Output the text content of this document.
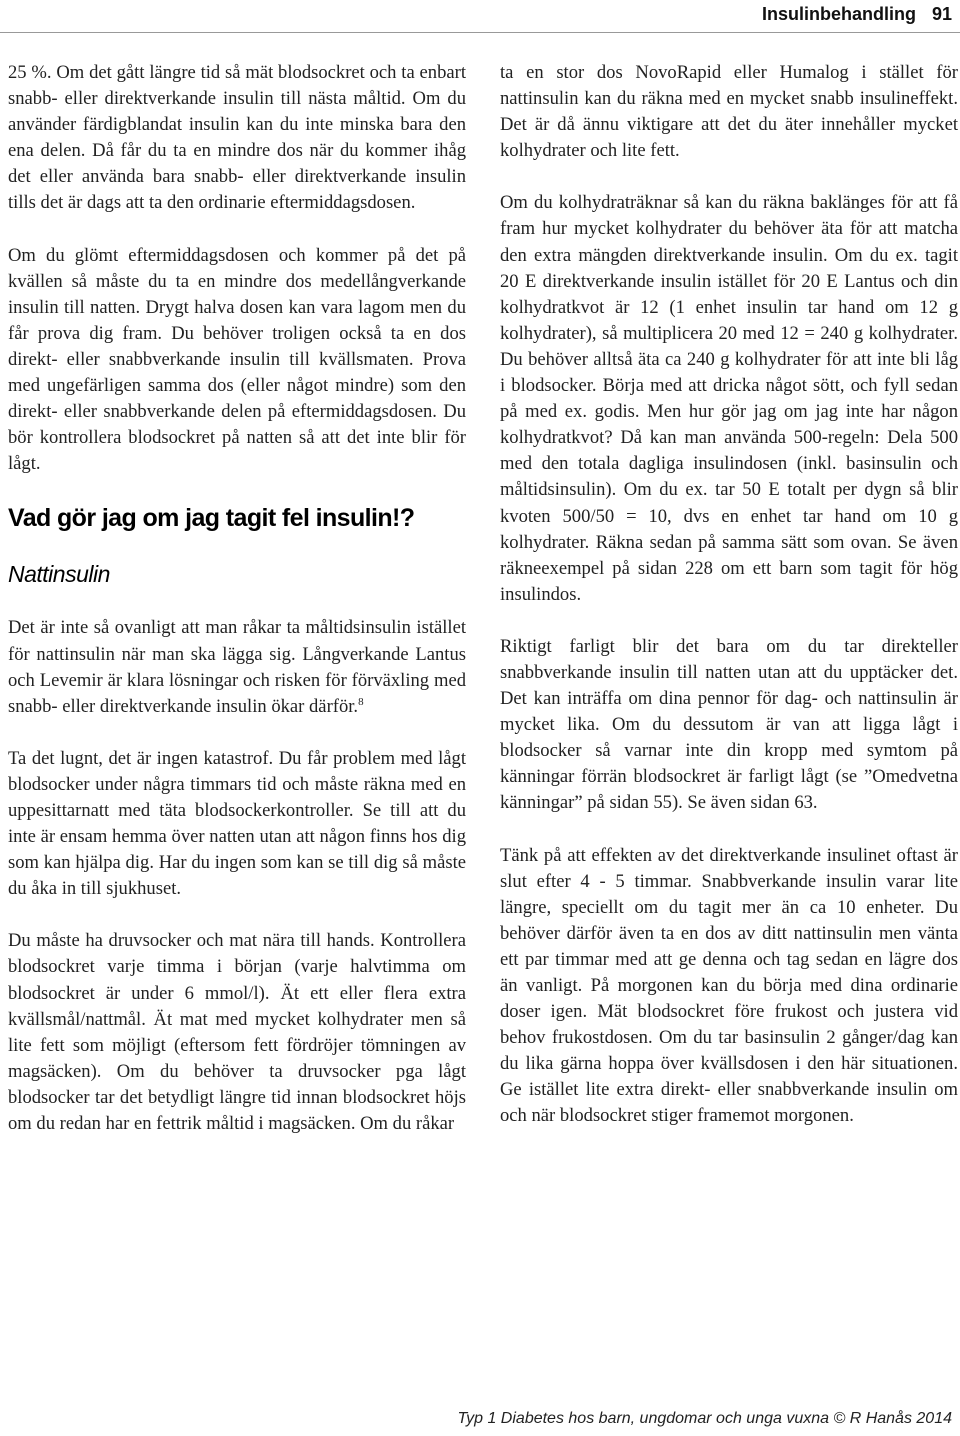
Insulinbehandling 91

25 %. Om det gått längre tid så mät blodsockret och ta enbart snabb- eller direktverkande insulin till nästa måltid. Om du använder färdigblandat insulin kan du inte minska bara den ena delen. Då får du ta en mindre dos när du kommer ihåg det eller använda bara snabb- eller direktverkande insulin tills det är dags att ta den ordinarie eftermiddagsdosen.

Om du glömt eftermiddagsdosen och kommer på det på kvällen så måste du ta en mindre dos medellångverkande insulin till natten. Drygt halva dosen kan vara lagom men du får prova dig fram. Du behöver troligen också ta en dos direkt- eller snabbverkande insulin till kvällsmaten. Prova med ungefärligen samma dos (eller något mindre) som den direkt- eller snabbverkande delen på eftermiddagsdosen. Du bör kontrollera blodsockret på natten så att det inte blir för lågt.

Vad gör jag om jag tagit fel insulin!?
Nattinsulin

Det är inte så ovanligt att man råkar ta måltidsinsulin istället för nattinsulin när man ska lägga sig. Långverkande Lantus och Levemir är klara lösningar och risken för förväxling med snabb- eller direktverkande insulin ökar därför.$^8$

Ta det lugnt, det är ingen katastrof. Du får problem med lågt blodsocker under några timmars tid och måste räkna med en uppesittarnatt med täta blodsockerkontroller. Se till att du inte är ensam hemma över natten utan att någon finns hos dig som kan hjälpa dig. Har du ingen som kan se till dig så måste du åka in till sjukhuset.

Du måste ha druvsocker och mat nära till hands. Kontrollera blodsockret varje timma i början (varje halvtimma om blodsockret är under 6 mmol/l). Ät ett eller flera extra kvällsmål/nattmål. Ät mat med mycket kolhydrater men så lite fett som möjligt (eftersom fett fördröjer tömningen av magsäcken). Om du behöver ta druvsocker pga lågt blodsocker tar det betydligt längre tid innan blodsockret höjs om du redan har en fettrik måltid i magsäcken. Om du råkar

ta en stor dos NovoRapid eller Humalog i stället för nattinsulin kan du räkna med en mycket snabb insulineffekt. Det är då ännu viktigare att det du äter innehåller mycket kolhydrater och lite fett.

Om du kolhydraträknar så kan du räkna baklänges för att få fram hur mycket kolhydrater du behöver äta för att matcha den extra mängden direktverkande insulin. Om du ex. tagit 20 E direktverkande insulin istället för 20 E Lantus och din kolhydratkvot är 12 (1 enhet insulin tar hand om 12 g kolhydrater), så multiplicera 20 med 12 = 240 g kolhydrater. Du behöver alltså äta ca 240 g kolhydrater för att inte bli låg i blodsocker. Börja med att dricka något sött, och fyll sedan på med ex. godis. Men hur gör jag om jag inte har någon kolhydratkvot? Då kan man använda 500-regeln: Dela 500 med den totala dagliga insulindosen (inkl. basinsulin och måltidsinsulin). Om du ex. tar 50 E totalt per dygn så blir kvoten 500/50 = 10, dvs en enhet tar hand om 10 g kolhydrater. Räkna sedan på samma sätt som ovan. Se även räkneexempel på sidan 228 om ett barn som tagit för hög insulindos.

Riktigt farligt blir det bara om du tar direkteller snabbverkande insulin till natten utan att du upptäcker det. Det kan inträffa om dina pennor för dag- och nattinsulin är mycket lika. Om du dessutom är van att ligga lågt i blodsocker så varnar inte din kropp med symtom på känningar förrän blodsockret är farligt lågt (se ”Omedvetna känningar” på sidan 55). Se även sidan 63.

Tänk på att effekten av det direktverkande insulinet oftast är slut efter 4 - 5 timmar. Snabbverkande insulin varar lite längre, speciellt om du tagit mer än ca 10 enheter. Du behöver därför även ta en dos av ditt nattinsulin men vänta ett par timmar med att ge denna och tag sedan en lägre dos än vanligt. På morgonen kan du börja med dina ordinarie doser igen. Mät blodsockret före frukost och justera vid behov frukostdosen. Om du tar basinsulin 2 gånger/dag kan du lika gärna hoppa över kvällsdosen i den här situationen. Ge istället lite extra direkt- eller snabbverkande insulin om och när blodsockret stiger framemot morgonen.

Typ 1 Diabetes hos barn, ungdomar och unga vuxna © R Hanås 2014
